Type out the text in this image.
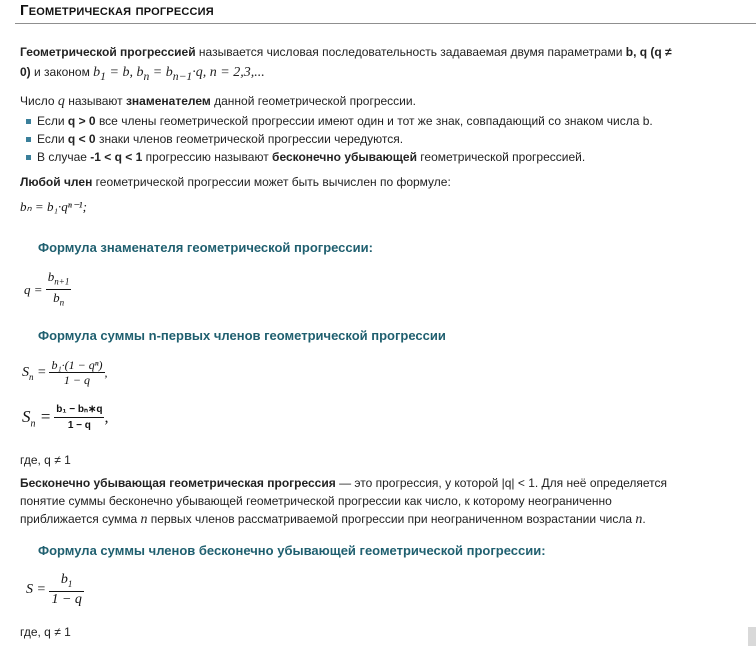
Геометрическая прогрессия
Геометрической прогрессией называется числовая последовательность задаваемая двумя параметрами b, q (q ≠
0) и законом $b_1 = b$, $b_n = b_{n-1}\cdot q$, n = 2,3,...
Число q называют знаменателем данной геометрической прогрессии.
Если q > 0 все члены геометрической прогрессии имеют один и тот же знак, совпадающий со знаком числа b.
Если q < 0 знаки членов геометрической прогрессии чередуются.
В случае -1 < q < 1 прогрессию называют бесконечно убывающей геометрической прогрессией.
Любой член геометрической прогрессии может быть вычислен по формуле:
bₙ = b₁·qⁿ⁻¹;
Формула знаменателя геометрической прогрессии:
$q = \frac{b_{n+1}}{b_n}$
Формула суммы n-первых членов геометрической прогрессии
$S_n = \frac{\text{b₁·(1 − qⁿ)}}{1 - q}$ ,
$S_n = \frac{\text{b₁ − bₙ∗q}}{1 - q}$ ,
где, q ≠ 1
Бесконечно убывающая геометрическая прогрессия — это прогрессия, у которой |q| < 1. Для неё определяется
понятие суммы бесконечно убывающей геометрической прогрессии как число, к которому неограниченно
приближается сумма n первых членов рассматриваемой прогрессии при неограниченном возрастании числа n.
Формула суммы членов бесконечно убывающей геометрической прогрессии:
$S = \frac{b_1}{1 - q}$
где, q ≠ 1
